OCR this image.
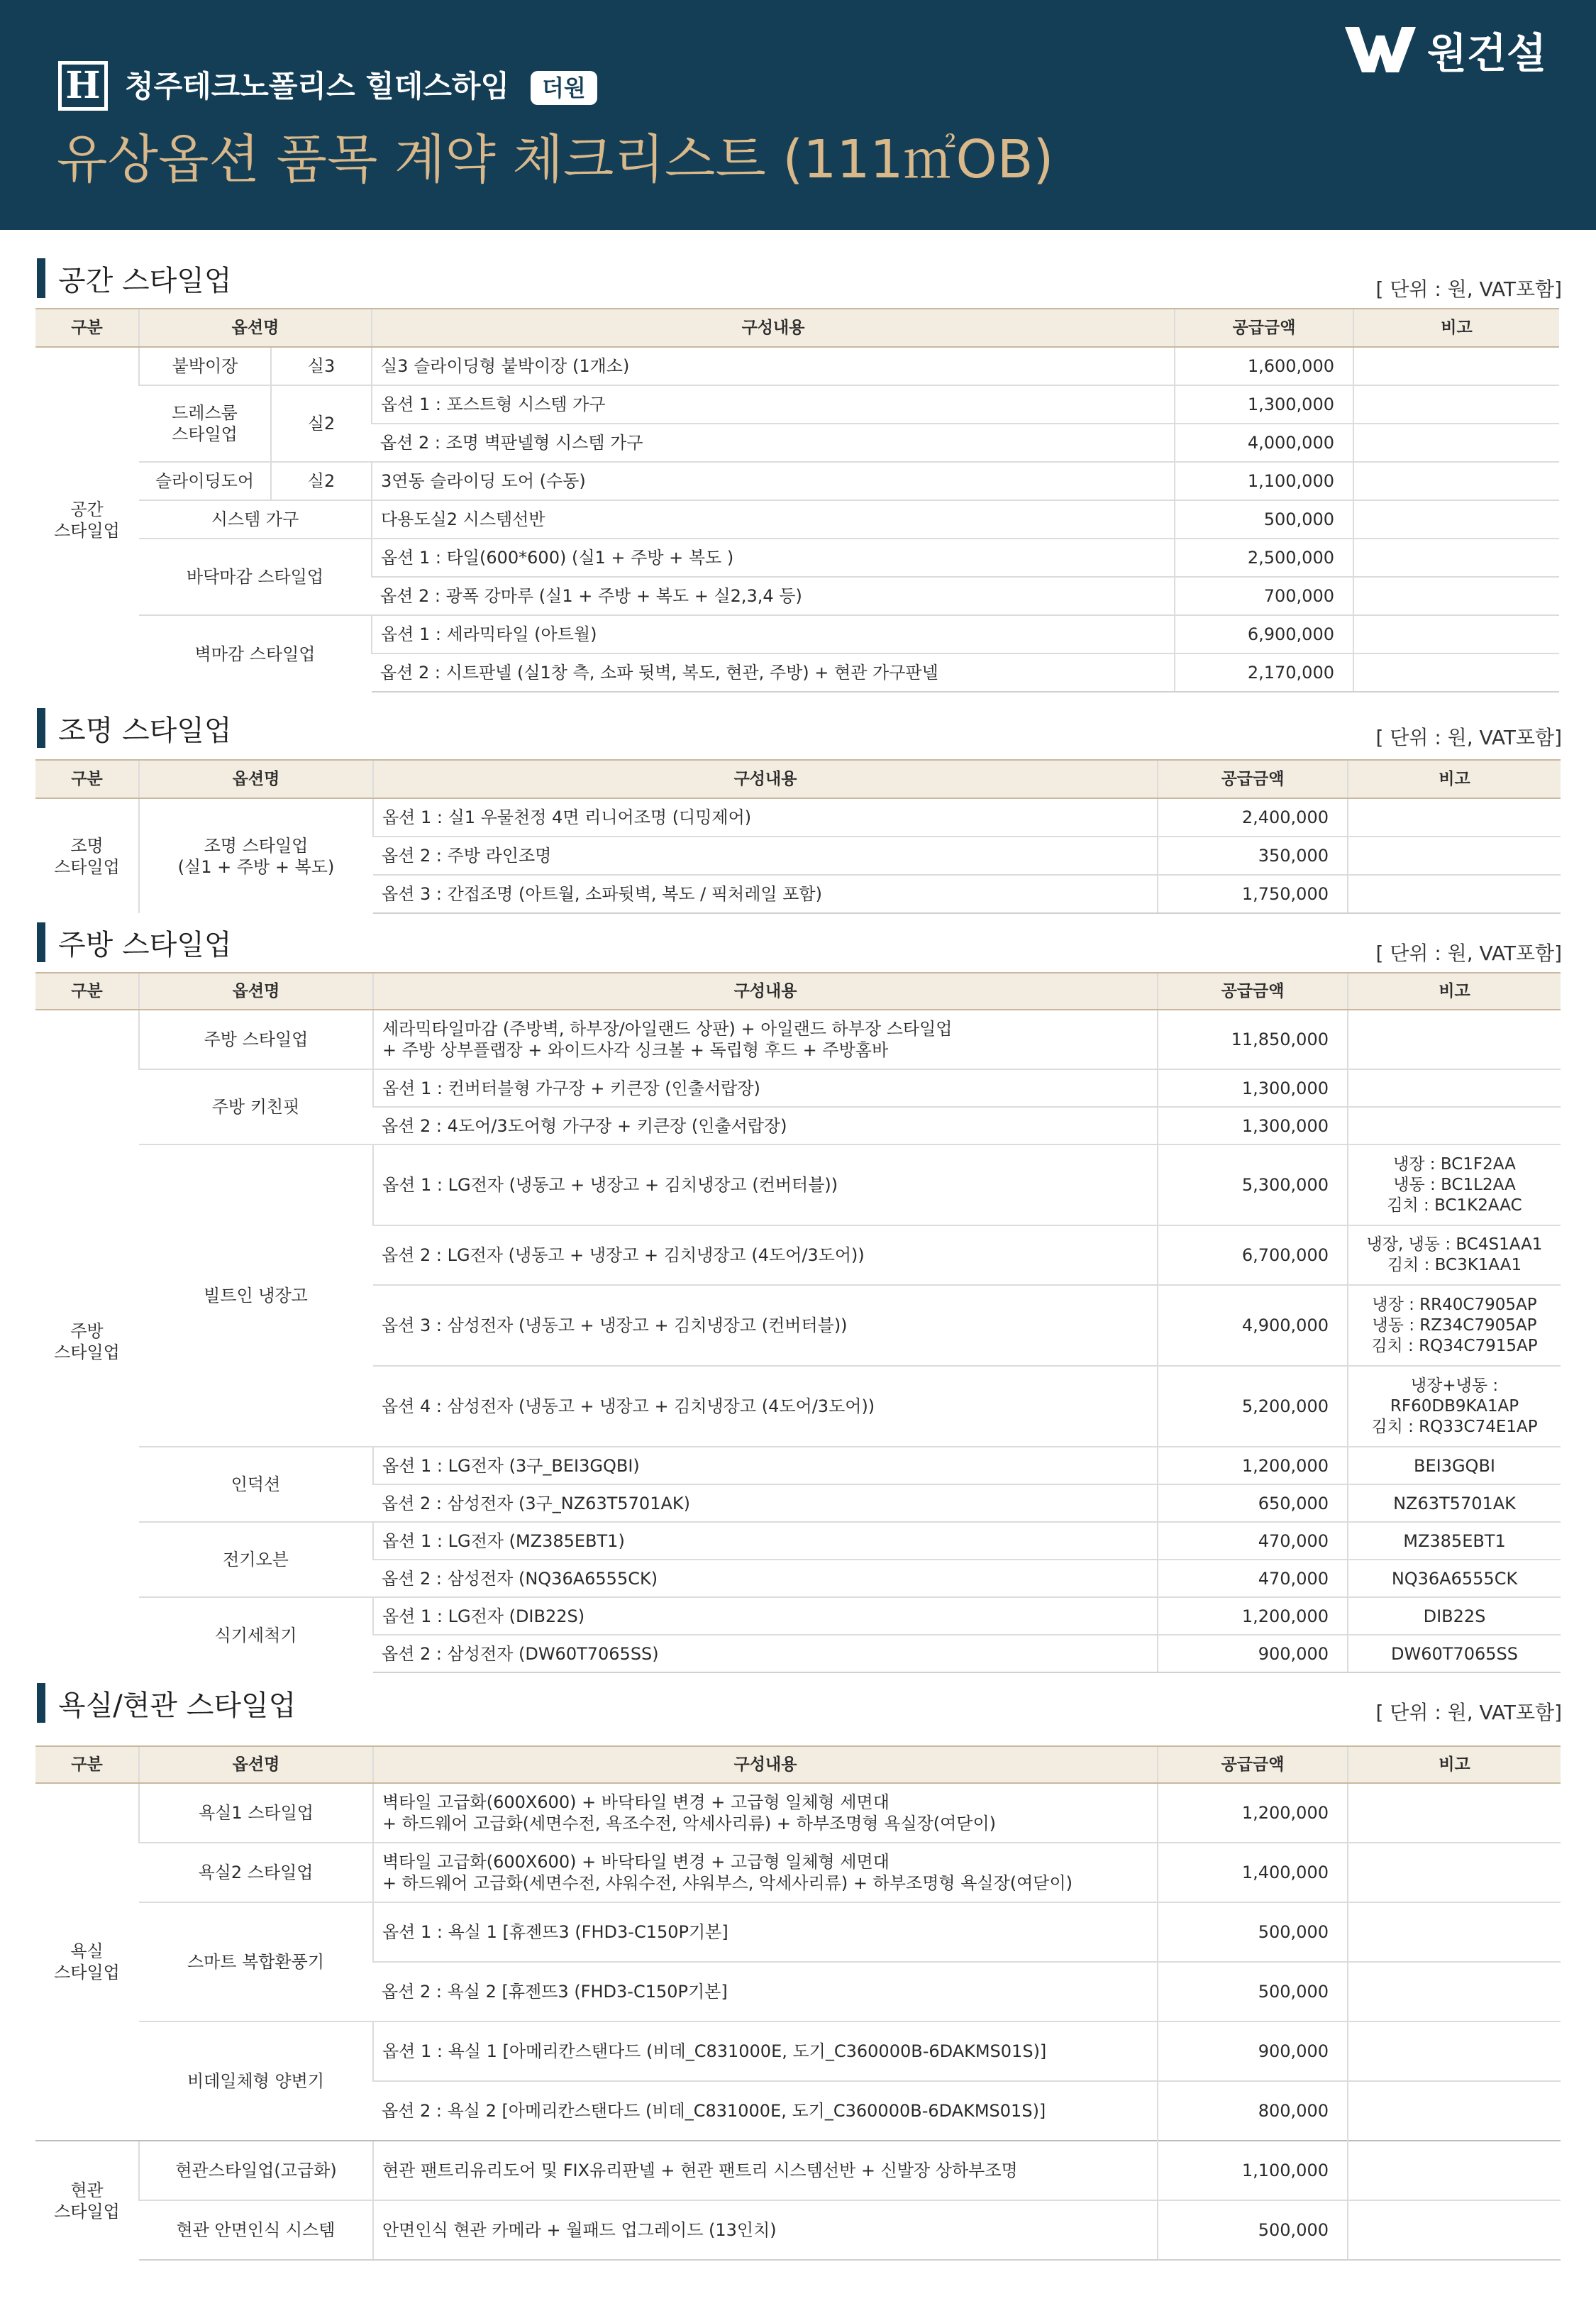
H 청주테크노폴리스 힐데스하임	더원
유상옵션 품목 계약 체크리스트 (111㎡OB)
원건설
공간 스타일업	[ 단위 : 원, VAT포함]
구분	옵션명		구성내용	공급금액	비고
공간
스타일업	붙박이장	실3	실3 슬라이딩형 붙박이장 (1개소)	1,600,000	
	드레스룸
스타일업	실2	옵션 1 : 포스트형 시스템 가구	1,300,000	
			옵션 2 : 조명 벽판넬형 시스템 가구	4,000,000	
	슬라이딩도어	실2	3연동 슬라이딩 도어 (수동)	1,100,000	
	시스템 가구		다용도실2 시스템선반	500,000	
	바닥마감 스타일업		옵션 1 : 타일(600*600) (실1 + 주방 + 복도 )	2,500,000	
			옵션 2 : 광폭 강마루 (실1 + 주방 + 복도 + 실2,3,4 등)	700,000	
	벽마감 스타일업		옵션 1 : 세라믹타일 (아트월)	6,900,000	
			옵션 2 : 시트판넬 (실1창 측, 소파 뒷벽, 복도, 현관, 주방) + 현관 가구판넬	2,170,000	
조명 스타일업	[ 단위 : 원, VAT포함]
구분	옵션명	구성내용	공급금액	비고
조명
스타일업	조명 스타일업
(실1 + 주방 + 복도)	옵션 1 : 실1 우물천정 4면 리니어조명 (디밍제어)	2,400,000	
		옵션 2 : 주방 라인조명	350,000	
		옵션 3 : 간접조명 (아트월, 소파뒷벽, 복도 / 픽처레일 포함)	1,750,000	
주방 스타일업	[ 단위 : 원, VAT포함]
구분	옵션명	구성내용	공급금액	비고
주방
스타일업	주방 스타일업	세라믹타일마감 (주방벽, 하부장/아일랜드 상판) + 아일랜드 하부장 스타일업
+ 주방 상부플랩장 + 와이드사각 싱크볼 + 독립형 후드 + 주방홈바	11,850,000	
	주방 키친핏	옵션 1 : 컨버터블형 가구장 + 키큰장 (인출서랍장)	1,300,000	
		옵션 2 : 4도어/3도어형 가구장 + 키큰장 (인출서랍장)	1,300,000	
	빌트인 냉장고	옵션 1 : LG전자 (냉동고 + 냉장고 + 김치냉장고 (컨버터블))	5,300,000	냉장 : BC1F2AA
냉동 : BC1L2AA
김치 : BC1K2AAC
		옵션 2 : LG전자 (냉동고 + 냉장고 + 김치냉장고 (4도어/3도어))	6,700,000	냉장, 냉동 : BC4S1AA1
김치 : BC3K1AA1
		옵션 3 : 삼성전자 (냉동고 + 냉장고 + 김치냉장고 (컨버터블))	4,900,000	냉장 : RR40C7905AP
냉동 : RZ34C7905AP
김치 : RQ34C7915AP
		옵션 4 : 삼성전자 (냉동고 + 냉장고 + 김치냉장고 (4도어/3도어))	5,200,000	냉장+냉동 :
RF60DB9KA1AP
김치 : RQ33C74E1AP
	인덕션	옵션 1 : LG전자 (3구_BEI3GQBI)	1,200,000	BEI3GQBI
		옵션 2 : 삼성전자 (3구_NZ63T5701AK)	650,000	NZ63T5701AK
	전기오븐	옵션 1 : LG전자 (MZ385EBT1)	470,000	MZ385EBT1
		옵션 2 : 삼성전자 (NQ36A6555CK)	470,000	NQ36A6555CK
	식기세척기	옵션 1 : LG전자 (DIB22S)	1,200,000	DIB22S
		옵션 2 : 삼성전자 (DW60T7065SS)	900,000	DW60T7065SS
욕실/현관 스타일업	[ 단위 : 원, VAT포함]
구분	옵션명	구성내용	공급금액	비고
욕실
스타일업	욕실1 스타일업	벽타일 고급화(600X600) + 바닥타일 변경 + 고급형 일체형 세면대
+ 하드웨어 고급화(세면수전, 욕조수전, 악세사리류) + 하부조명형 욕실장(여닫이)	1,200,000	
	욕실2 스타일업	벽타일 고급화(600X600) + 바닥타일 변경 + 고급형 일체형 세면대
+ 하드웨어 고급화(세면수전, 샤워수전, 샤워부스, 악세사리류) + 하부조명형 욕실장(여닫이)	1,400,000	
	스마트 복합환풍기	옵션 1 : 욕실 1 [휴젠뜨3 (FHD3-C150P기본]	500,000	
		옵션 2 : 욕실 2 [휴젠뜨3 (FHD3-C150P기본]	500,000	
	비데일체형 양변기	옵션 1 : 욕실 1 [아메리칸스탠다드 (비데_C831000E, 도기_C360000B-6DAKMS01S)]	900,000	
		옵션 2 : 욕실 2 [아메리칸스탠다드 (비데_C831000E, 도기_C360000B-6DAKMS01S)]	800,000	
현관
스타일업	현관스타일업(고급화)	현관 팬트리유리도어 및 FIX유리판넬 + 현관 팬트리 시스템선반 + 신발장 상하부조명	1,100,000	
	현관 안면인식 시스템	안면인식 현관 카메라 + 월패드 업그레이드 (13인치)	500,000	
